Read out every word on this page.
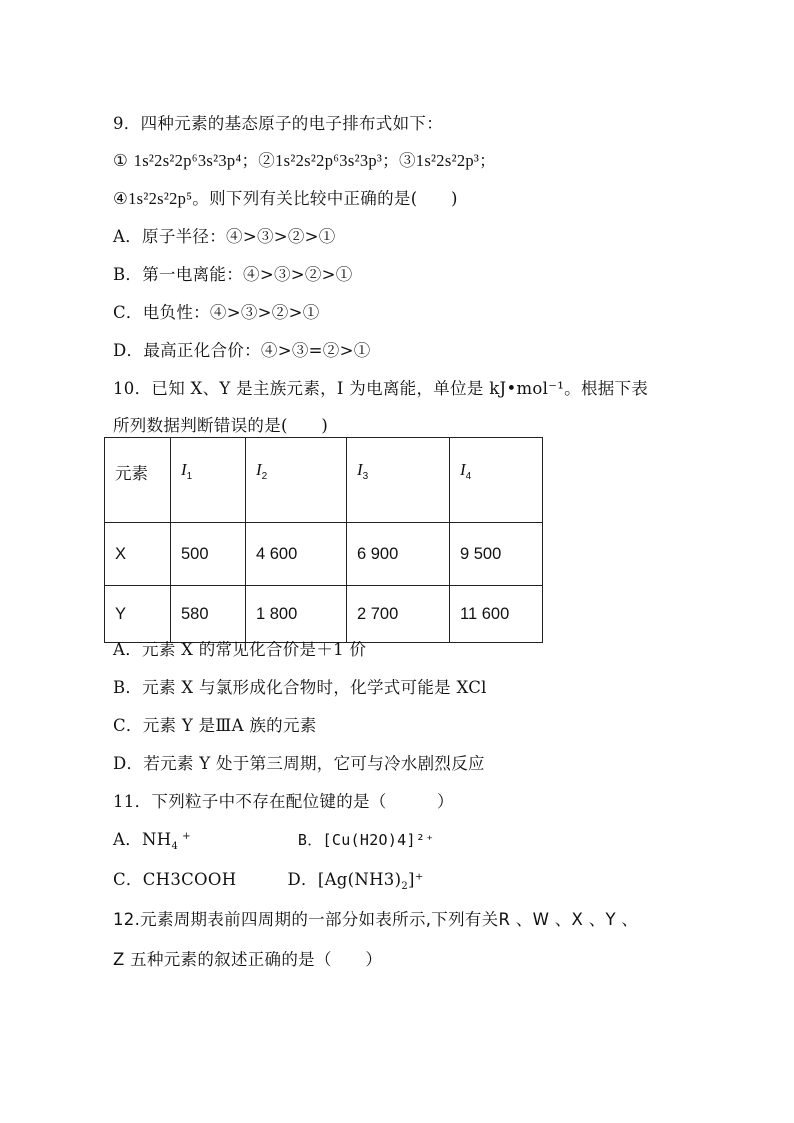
9．四种元素的基态原子的电子排布式如下：
① 1s²2s²2p⁶3s²3p⁴；②1s²2s²2p⁶3s²3p³；③1s²2s²2p³；
④1s²2s²2p⁵。则下列有关比较中正确的是(　　)
A．原子半径：④>③>②>①
B．第一电离能：④>③>②>①
C．电负性：④>③>②>①
D．最高正化合价：④>③=②>①
10．已知 X、Y 是主族元素，I 为电离能，单位是 kJ•mol⁻¹。根据下表
所列数据判断错误的是(　　)
元素	$I_1$	$I_2$	$I_3$	$I_4$
X	500	4 600	6 900	9 500
Y	580	1 800	2 700	11 600
A．元素 X 的常见化合价是＋1 价
B．元素 X 与氯形成化合物时，化学式可能是 XCl
C．元素 Y 是ⅢA 族的元素
D．若元素 Y 处于第三周期，它可与冷水剧烈反应
11．下列粒子中不存在配位键的是（　　　）
A．$NH_4^+$	B．[Cu(H2O)4]²⁺
C．CH3COOH	D．$[Ag(NH3)_2]^+$
12.元素周期表前四周期的一部分如表所示,下列有关R 、W 、X 、Y 、
Z 五种元素的叙述正确的是（　　）
